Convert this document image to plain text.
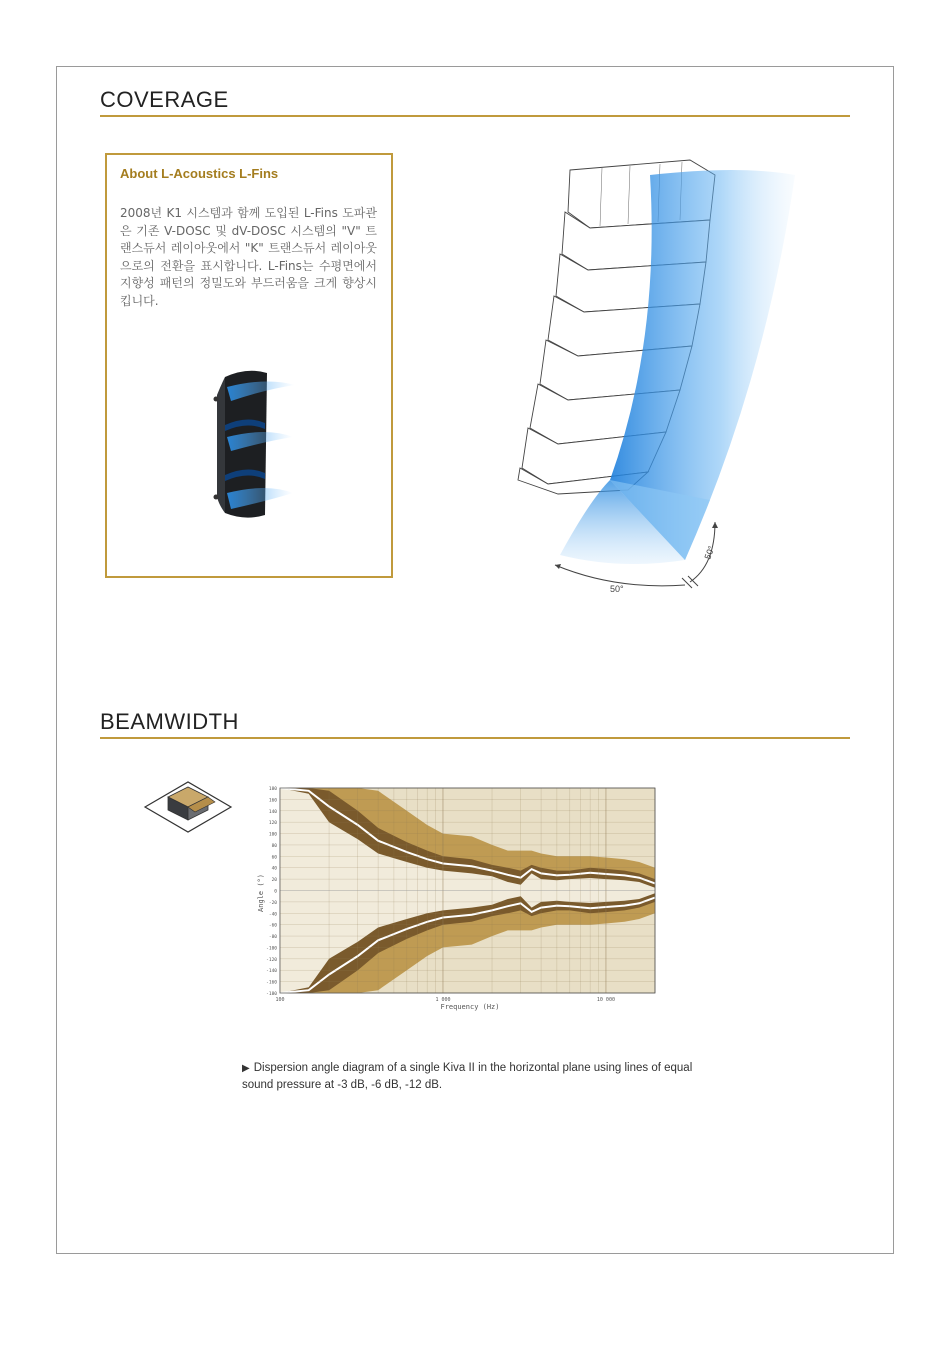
COVERAGE
About L-Acoustics L-Fins
2008년 K1 시스템과 함께 도입된 L-Fins 도파관은 기존 V-DOSC 및 dV-DOSC 시스템의 "V" 트랜스듀서 레이아웃에서 "K" 트랜스듀서 레이아웃으로의 전환을 표시합니다. L-Fins는 수평면에서 지향성 패턴의 정밀도와 부드러움을 크게 향상시킵니다.
50°
50°
BEAMWIDTH
180
160
140
120
100
80
60
40
20
0
-20
-40
-60
-80
-100
-120
-140
-160
-180
100	1 000	10 000
Frequency (Hz)
Angle (°)
▶ Dispersion angle diagram of a single Kiva II in the horizontal plane using lines of equal sound pressure at -3 dB, -6 dB, -12 dB.
